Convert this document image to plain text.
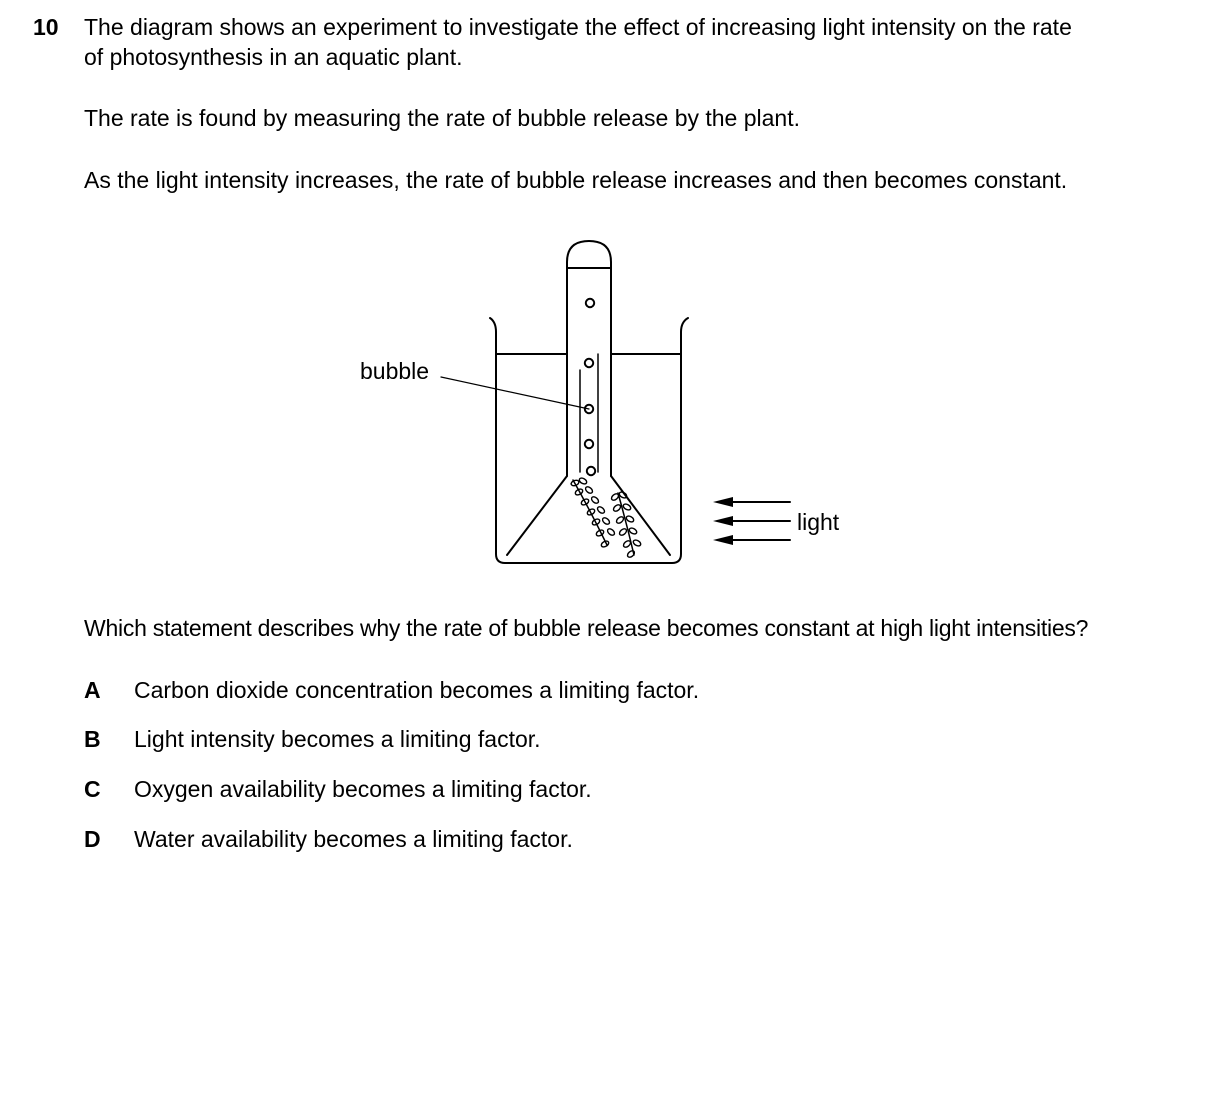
10 The diagram shows an experiment to investigate the effect of increasing light intensity on the rate
of photosynthesis in an aquatic plant.
The rate is found by measuring the rate of bubble release by the plant.
As the light intensity increases, the rate of bubble release increases and then becomes constant.
bubble
light
Which statement describes why the rate of bubble release becomes constant at high light intensities?
A Carbon dioxide concentration becomes a limiting factor.
B Light intensity becomes a limiting factor.
C Oxygen availability becomes a limiting factor.
D Water availability becomes a limiting factor.
